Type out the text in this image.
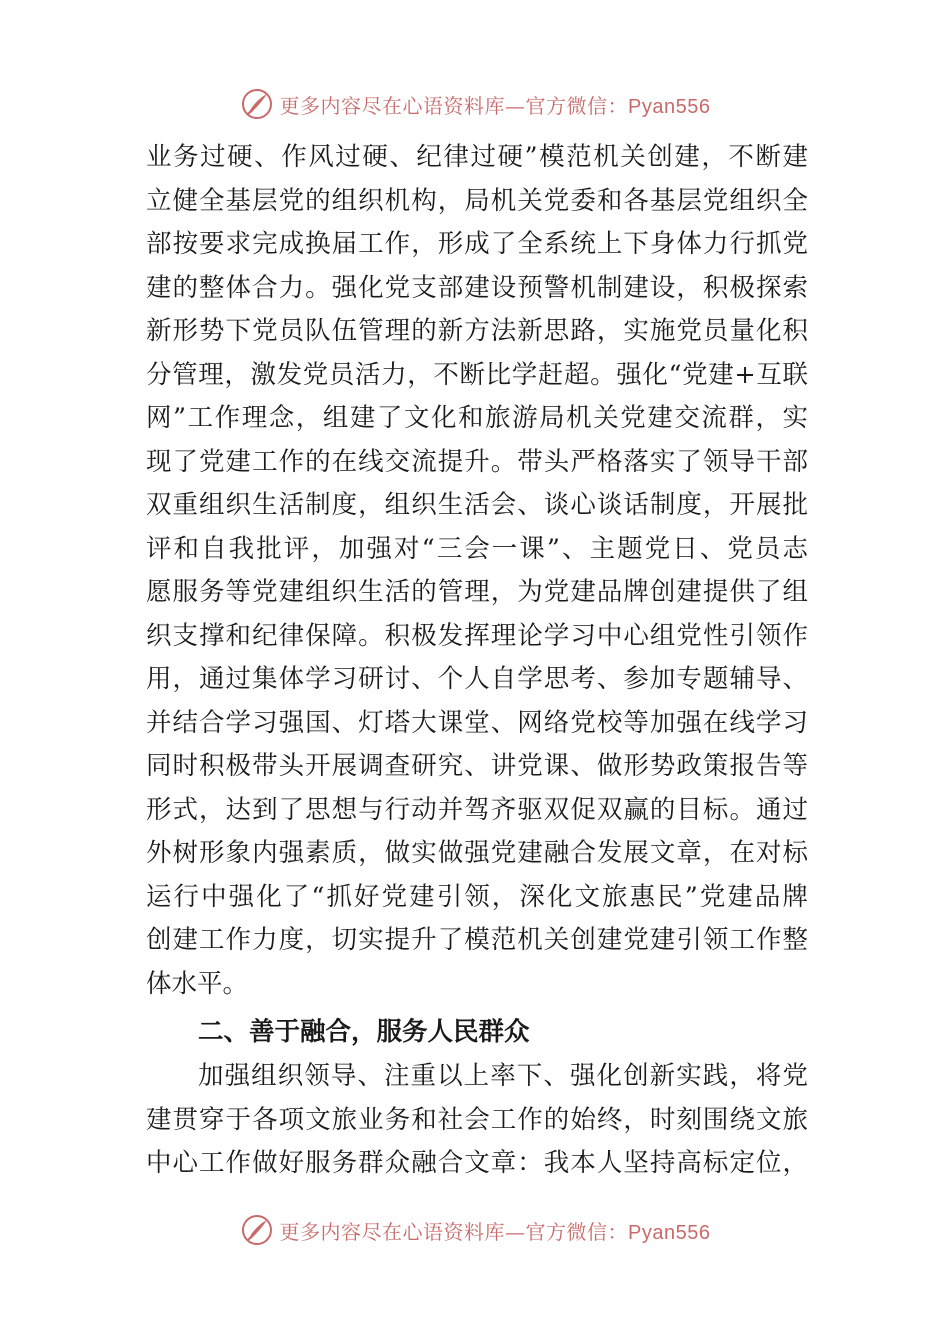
更多内容尽在心语资料库—官方微信：Pyan556
业务过硬、作风过硬、纪律过硬”模范机关创建，不断建
立健全基层党的组织机构，局机关党委和各基层党组织全
部按要求完成换届工作，形成了全系统上下身体力行抓党
建的整体合力。强化党支部建设预警机制建设，积极探索
新形势下党员队伍管理的新方法新思路，实施党员量化积
分管理，激发党员活力，不断比学赶超。强化“党建+互联
网”工作理念，组建了文化和旅游局机关党建交流群，实
现了党建工作的在线交流提升。带头严格落实了领导干部
双重组织生活制度，组织生活会、谈心谈话制度，开展批
评和自我批评，加强对“三会一课”、主题党日、党员志
愿服务等党建组织生活的管理，为党建品牌创建提供了组
织支撑和纪律保障。积极发挥理论学习中心组党性引领作
用，通过集体学习研讨、个人自学思考、参加专题辅导、
并结合学习强国、灯塔大课堂、网络党校等加强在线学习
同时积极带头开展调查研究、讲党课、做形势政策报告等
形式，达到了思想与行动并驾齐驱双促双赢的目标。通过
外树形象内强素质，做实做强党建融合发展文章，在对标
运行中强化了“抓好党建引领，深化文旅惠民”党建品牌
创建工作力度，切实提升了模范机关创建党建引领工作整
体水平。
二、善于融合，服务人民群众
加强组织领导、注重以上率下、强化创新实践，将党
建贯穿于各项文旅业务和社会工作的始终，时刻围绕文旅
中心工作做好服务群众融合文章：我本人坚持高标定位，
更多内容尽在心语资料库—官方微信：Pyan556
